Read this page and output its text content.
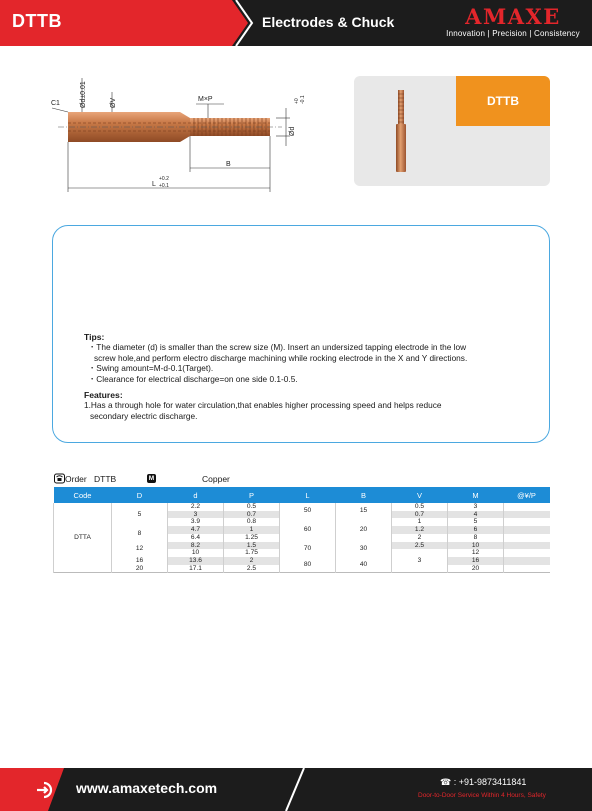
DTTB	Electrodes & Chuck	AMAXE
Innovation | Precision | Consistency
C1	Ød±0.01	ØV	M×P	+0 -0.1
Ød
B
L
+0.2
+0.1
DTTB
Tips:
・The diameter (d) is smaller than the screw size (M). Insert an undersized tapping electrode in the low
screw hole,and perform electro discharge machining while rocking electrode in the X and Y directions.
・Swing amount=M-d-0.1(Target).
・Clearance for electrical discharge=on one side 0.1-0.5.
Features:
1.Has a through hole for water circulation,that enables higher processing speed and helps reduce
secondary electric discharge.
Order DTTB	M	Copper
Code	D	d	P	L	B	V	M	@¥/P
DTTA	5	2.2	0.5	50	15	0.5	3	
		3	0.7			0.7	4	
		3.9	0.8	60	20	1	5	
	8	4.7	1			1.2	6	
		6.4	1.25			2	8	
	12	8.2	1.5	70	30	2.5	10	
		10	1.75			3	12	
	16	13.6	2	80	40		16	
	20	17.1	2.5				20	
www.amaxetech.com	☎ : +91-9873411841
Door-to-Door Service Within 4 Hours, Safety
